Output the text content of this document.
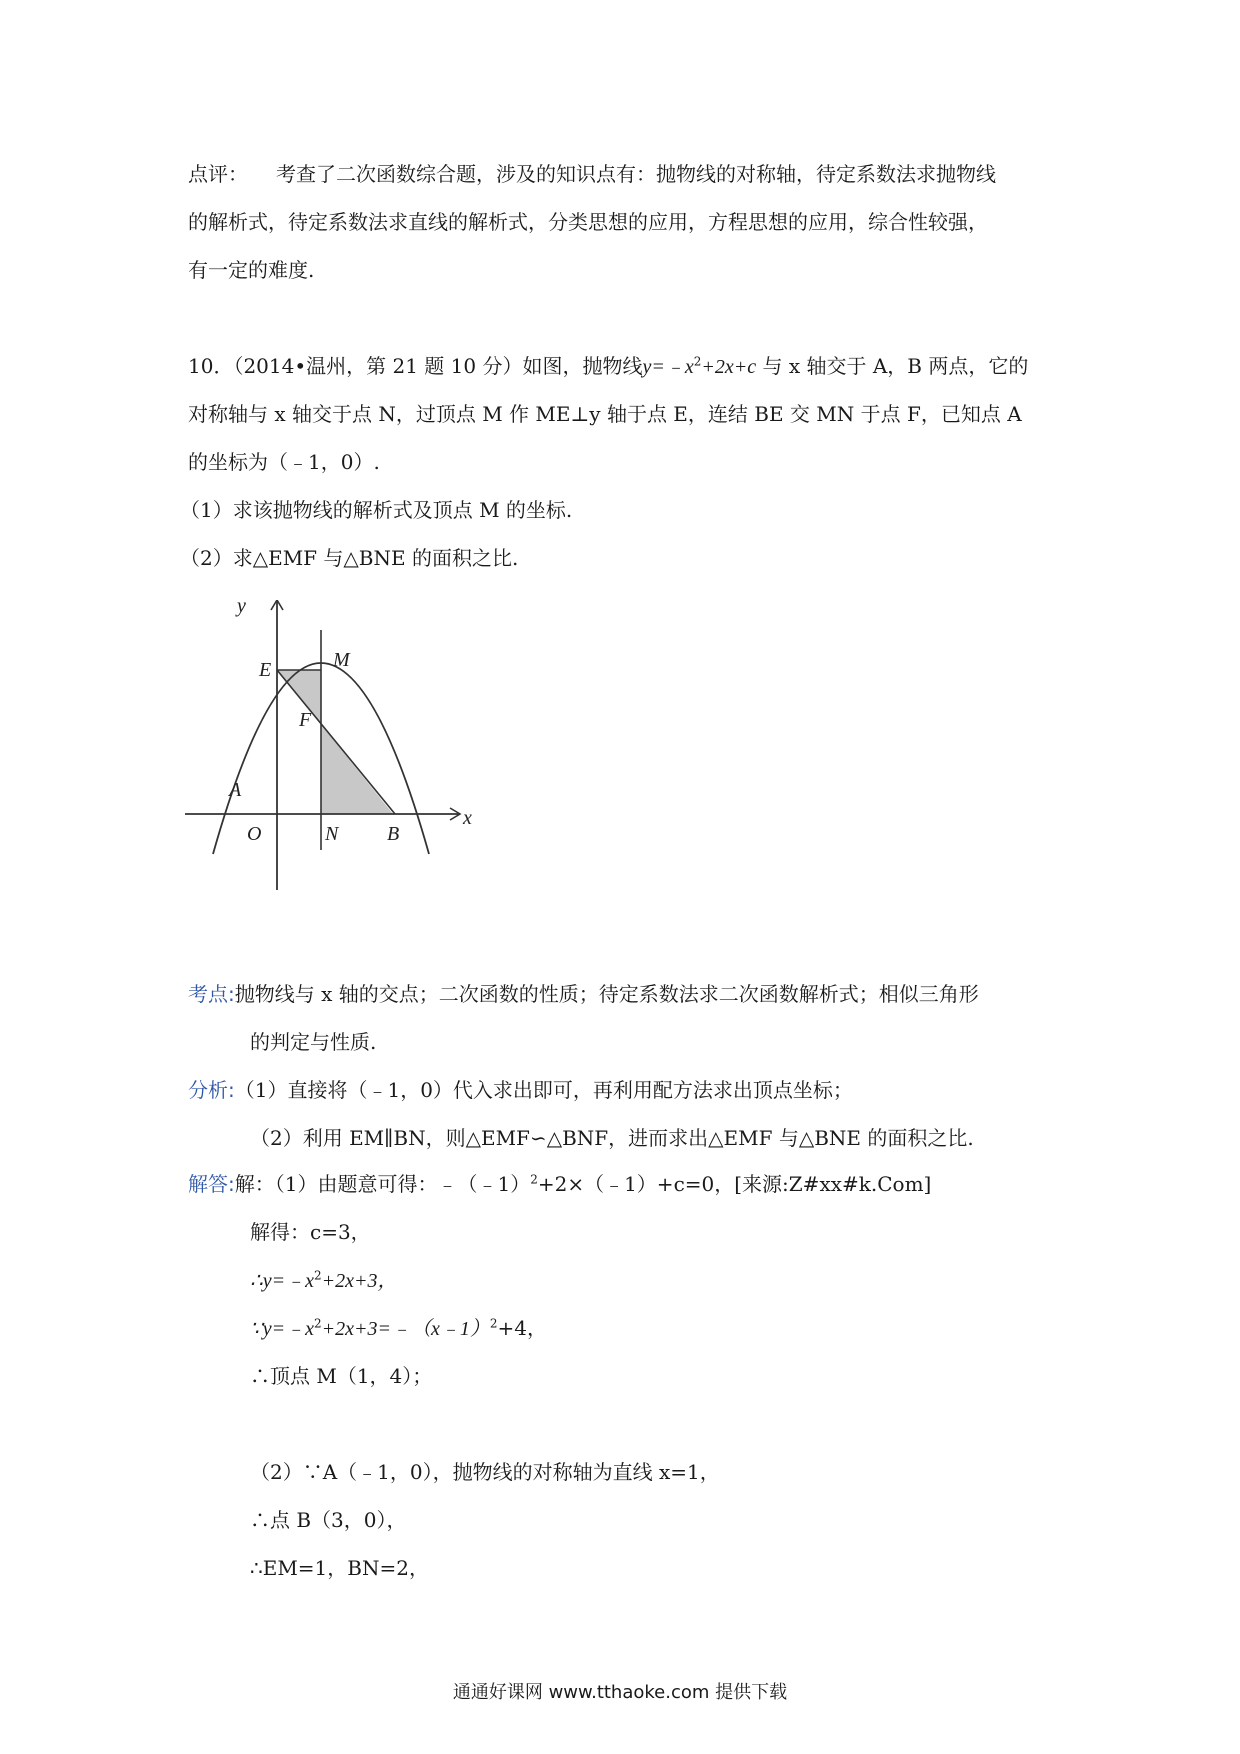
点评： 考查了二次函数综合题，涉及的知识点有：抛物线的对称轴，待定系数法求抛物线
的解析式，待定系数法求直线的解析式，分类思想的应用，方程思想的应用，综合性较强，
有一定的难度.
10．（2014•温州，第 21 题 10 分）如图，抛物线$y=﹣x^2+2x+c$ 与 x 轴交于 A，B 两点，它的
对称轴与 x 轴交于点 N，过顶点 M 作 ME⊥y 轴于点 E，连结 BE 交 MN 于点 F，已知点 A
的坐标为（﹣1，0）.
（1）求该抛物线的解析式及顶点 M 的坐标.
（2）求△EMF 与△BNE 的面积之比.
y
x
E	M
F
A
O	N B
考点:抛物线与 x 轴的交点；二次函数的性质；待定系数法求二次函数解析式；相似三角形
的判定与性质.
分析:（1）直接将（﹣1，0）代入求出即可，再利用配方法求出顶点坐标；
（2）利用 EM∥BN，则△EMF∽△BNF，进而求出△EMF 与△BNE 的面积之比.
解答:解：（1）由题意可得：﹣（﹣1）$^2$+2×（﹣1）+c=0，[来源:Z#xx#k.Com]
解得：c=3，
$\therefore y=﹣x^2+2x+3$，
$\because y=﹣x^2+2x+3=﹣(x﹣1)^2+4$，
∴顶点 M（1，4）；
（2）∵A（﹣1，0），抛物线的对称轴为直线 x=1，
∴点 B（3，0），
∴EM=1，BN=2，
通通好课网 www.tthaoke.com 提供下载
